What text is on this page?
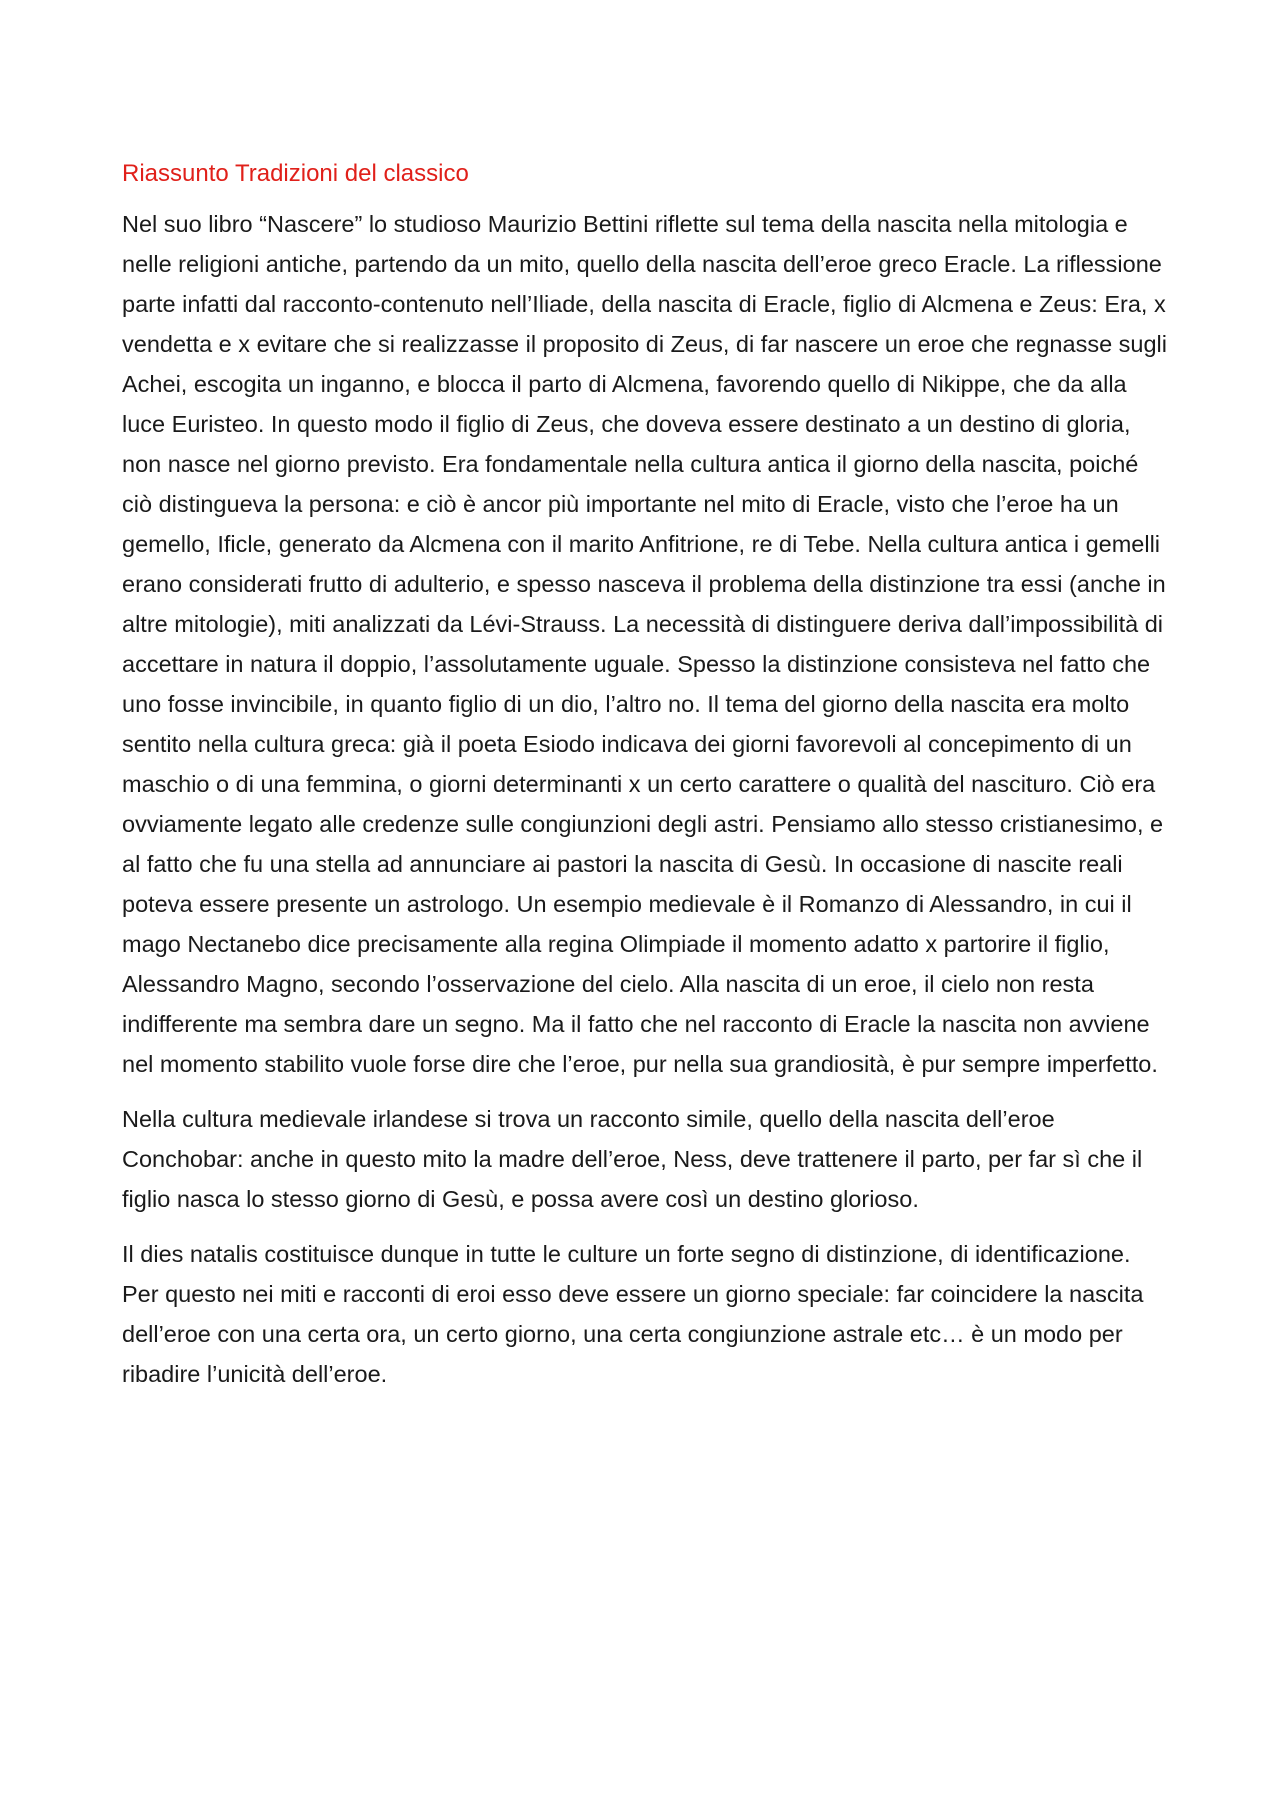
Riassunto Tradizioni del classico

Nel suo libro “Nascere” lo studioso Maurizio Bettini riflette sul tema della nascita nella mitologia e nelle religioni antiche, partendo da un mito, quello della nascita dell’eroe greco Eracle. La riflessione parte infatti dal racconto-contenuto nell’Iliade, della nascita di Eracle, figlio di Alcmena e Zeus: Era, x vendetta e x evitare che si realizzasse il proposito di Zeus, di far nascere un eroe che regnasse sugli Achei, escogita un inganno, e blocca il parto di Alcmena, favorendo quello di Nikippe, che da alla luce Euristeo. In questo modo il figlio di Zeus, che doveva essere destinato a un destino di gloria, non nasce nel giorno previsto. Era fondamentale nella cultura antica il giorno della nascita, poiché ciò distingueva la persona: e ciò è ancor più importante nel mito di Eracle, visto che l’eroe ha un gemello, Ificle, generato da Alcmena con il marito Anfitrione, re di Tebe. Nella cultura antica i gemelli erano considerati frutto di adulterio, e spesso nasceva il problema della distinzione tra essi (anche in altre mitologie), miti analizzati da Lévi-Strauss. La necessità di distinguere deriva dall’impossibilità di accettare in natura il doppio, l’assolutamente uguale. Spesso la distinzione consisteva nel fatto che uno fosse invincibile, in quanto figlio di un dio, l’altro no. Il tema del giorno della nascita era molto sentito nella cultura greca: già il poeta Esiodo indicava dei giorni favorevoli al concepimento di un maschio o di una femmina, o giorni determinanti x un certo carattere o qualità del nascituro. Ciò era ovviamente legato alle credenze sulle congiunzioni degli astri. Pensiamo allo stesso cristianesimo, e al fatto che fu una stella ad annunciare ai pastori la nascita di Gesù. In occasione di nascite reali poteva essere presente un astrologo. Un esempio medievale è il Romanzo di Alessandro, in cui il mago Nectanebo dice precisamente alla regina Olimpiade il momento adatto x partorire il figlio, Alessandro Magno, secondo l’osservazione del cielo. Alla nascita di un eroe, il cielo non resta indifferente ma sembra dare un segno. Ma il fatto che nel racconto di Eracle la nascita non avviene nel momento stabilito vuole forse dire che l’eroe, pur nella sua grandiosità, è pur sempre imperfetto.

Nella cultura medievale irlandese si trova un racconto simile, quello della nascita dell’eroe Conchobar: anche in questo mito la madre dell’eroe, Ness, deve trattenere il parto, per far sì che il figlio nasca lo stesso giorno di Gesù, e possa avere così un destino glorioso.

Il dies natalis costituisce dunque in tutte le culture un forte segno di distinzione, di identificazione. Per questo nei miti e racconti di eroi esso deve essere un giorno speciale: far coincidere la nascita dell’eroe con una certa ora, un certo giorno, una certa congiunzione astrale etc… è un modo per ribadire l’unicità dell’eroe.
